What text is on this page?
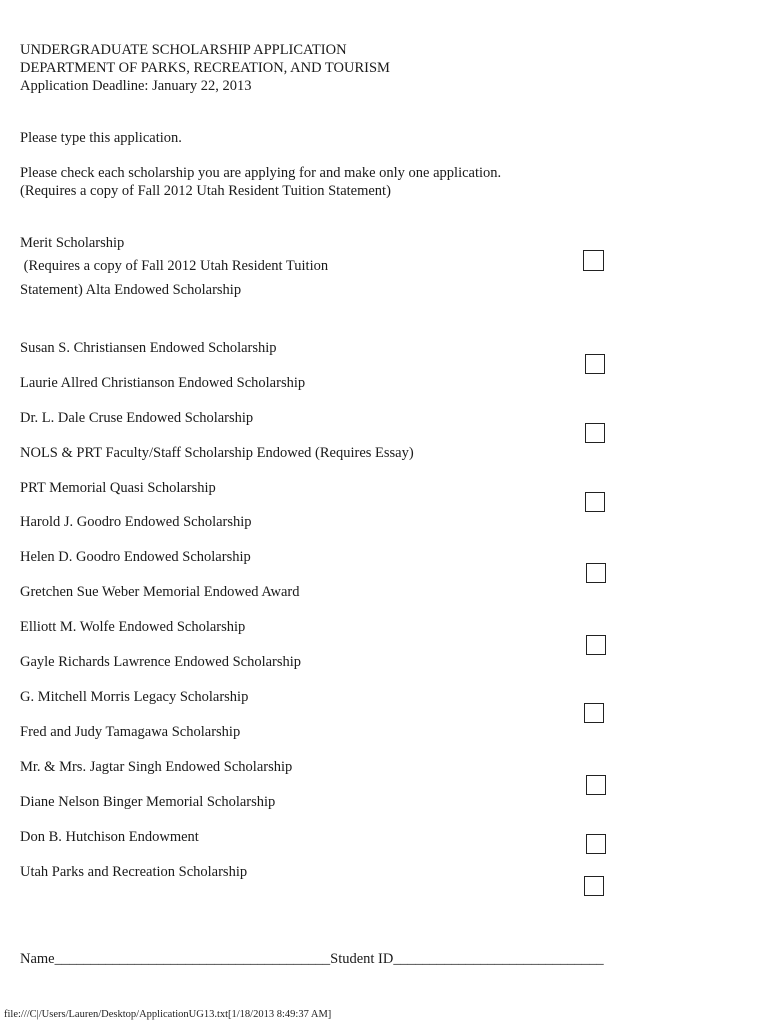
UNDERGRADUATE SCHOLARSHIP APPLICATION
DEPARTMENT OF PARKS, RECREATION, AND TOURISM
Application Deadline: January 22, 2013
Please type this application.
Please check each scholarship you are applying for and make only one application.
(Requires a copy of Fall 2012 Utah Resident Tuition Statement)
Merit Scholarship
(Requires a copy of Fall 2012 Utah Resident Tuition
Statement) Alta Endowed Scholarship
Susan S. Christiansen Endowed Scholarship
Laurie Allred Christianson Endowed Scholarship
Dr. L. Dale Cruse Endowed Scholarship
NOLS & PRT Faculty/Staff Scholarship Endowed (Requires Essay)
PRT Memorial Quasi Scholarship
Harold J. Goodro Endowed Scholarship
Helen D. Goodro Endowed Scholarship
Gretchen Sue Weber Memorial Endowed Award
Elliott M. Wolfe Endowed Scholarship
Gayle Richards Lawrence Endowed Scholarship
G. Mitchell Morris Legacy Scholarship
Fred and Judy Tamagawa Scholarship
Mr. & Mrs. Jagtar Singh Endowed Scholarship
Diane Nelson Binger Memorial Scholarship
Don B. Hutchison Endowment
Utah Parks and Recreation Scholarship
Name______________________________________Student ID_____________________________
file:///C|/Users/Lauren/Desktop/ApplicationUG13.txt[1/18/2013 8:49:37 AM]
